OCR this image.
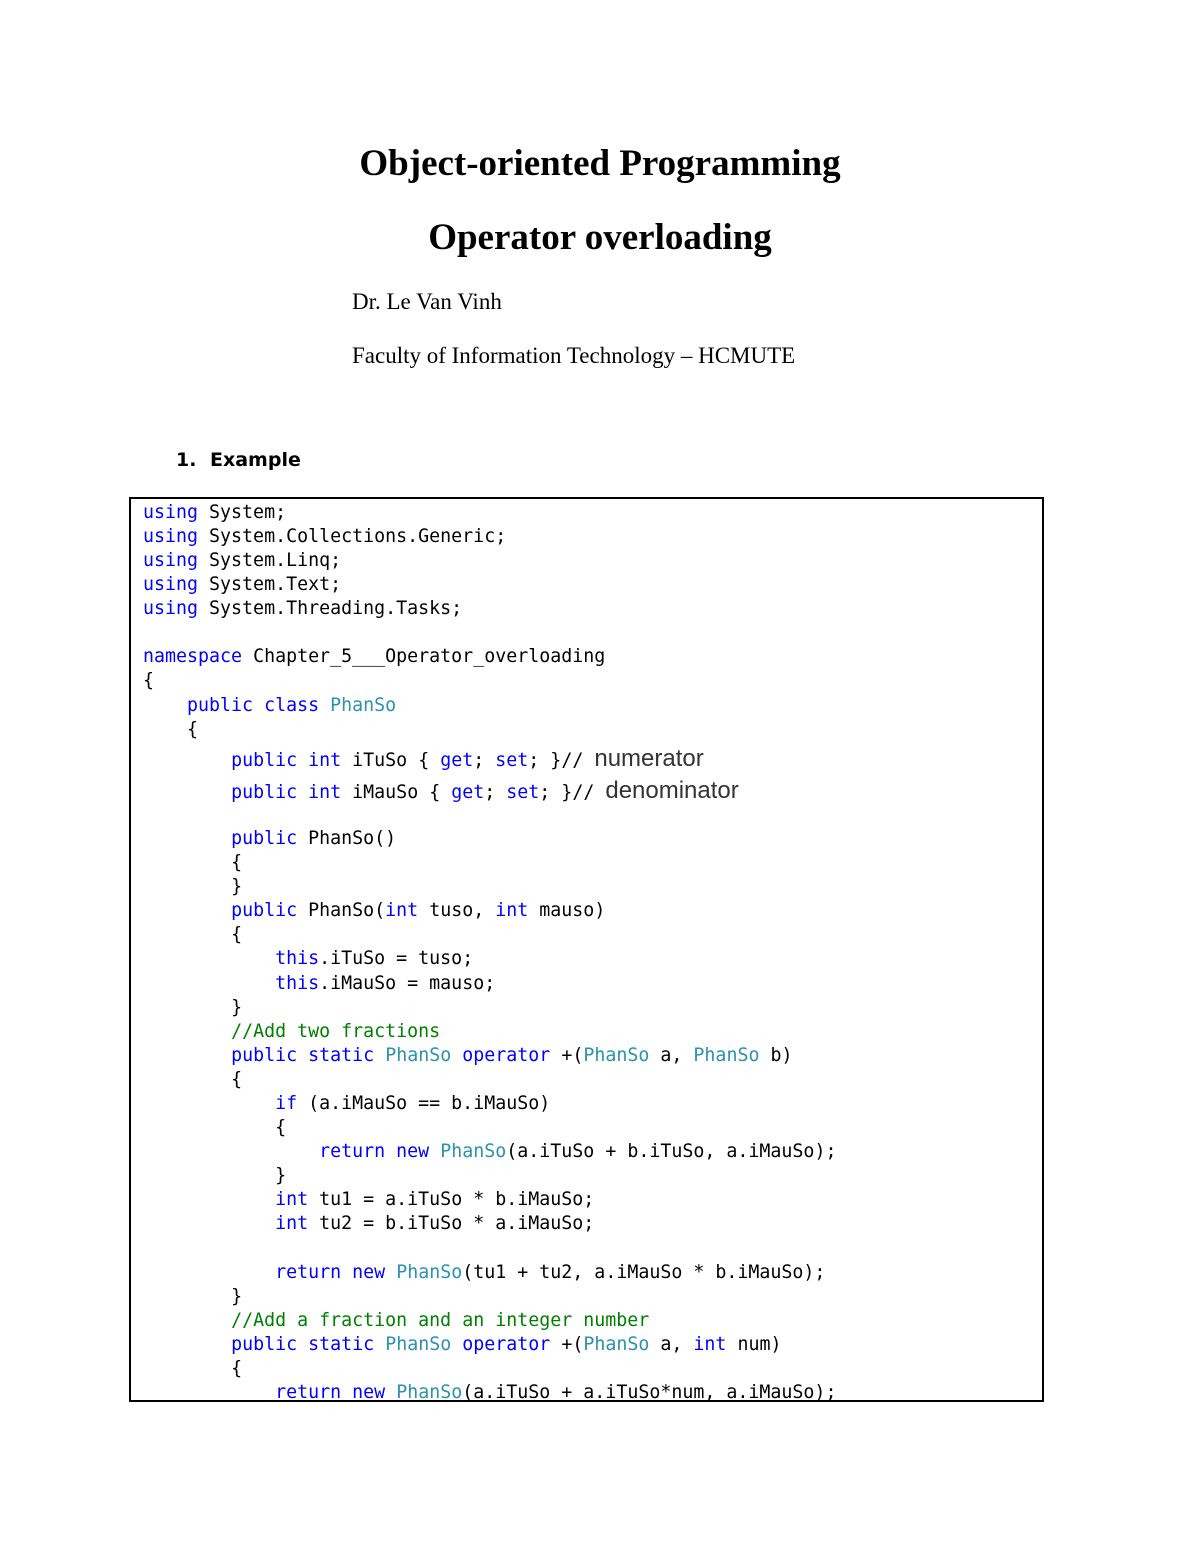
Object-oriented Programming
Operator overloading
Dr. Le Van Vinh
Faculty of Information Technology – HCMUTE
1. Example
using System;
using System.Collections.Generic;
using System.Linq;
using System.Text;
using System.Threading.Tasks;
namespace Chapter_5___Operator_overloading
{
public class PhanSo
{
public int iTuSo { get; set; }// numerator
public int iMauSo { get; set; }// denominator
public PhanSo()
{
}
public PhanSo(int tuso, int mauso)
{
this.iTuSo = tuso;
this.iMauSo = mauso;
}
//Add two fractions
public static PhanSo operator +(PhanSo a, PhanSo b)
{
if (a.iMauSo == b.iMauSo)
{
return new PhanSo(a.iTuSo + b.iTuSo, a.iMauSo);
}
int tu1 = a.iTuSo * b.iMauSo;
int tu2 = b.iTuSo * a.iMauSo;
return new PhanSo(tu1 + tu2, a.iMauSo * b.iMauSo);
}
//Add a fraction and an integer number
public static PhanSo operator +(PhanSo a, int num)
{
return new PhanSo(a.iTuSo + a.iTuSo*num, a.iMauSo);
